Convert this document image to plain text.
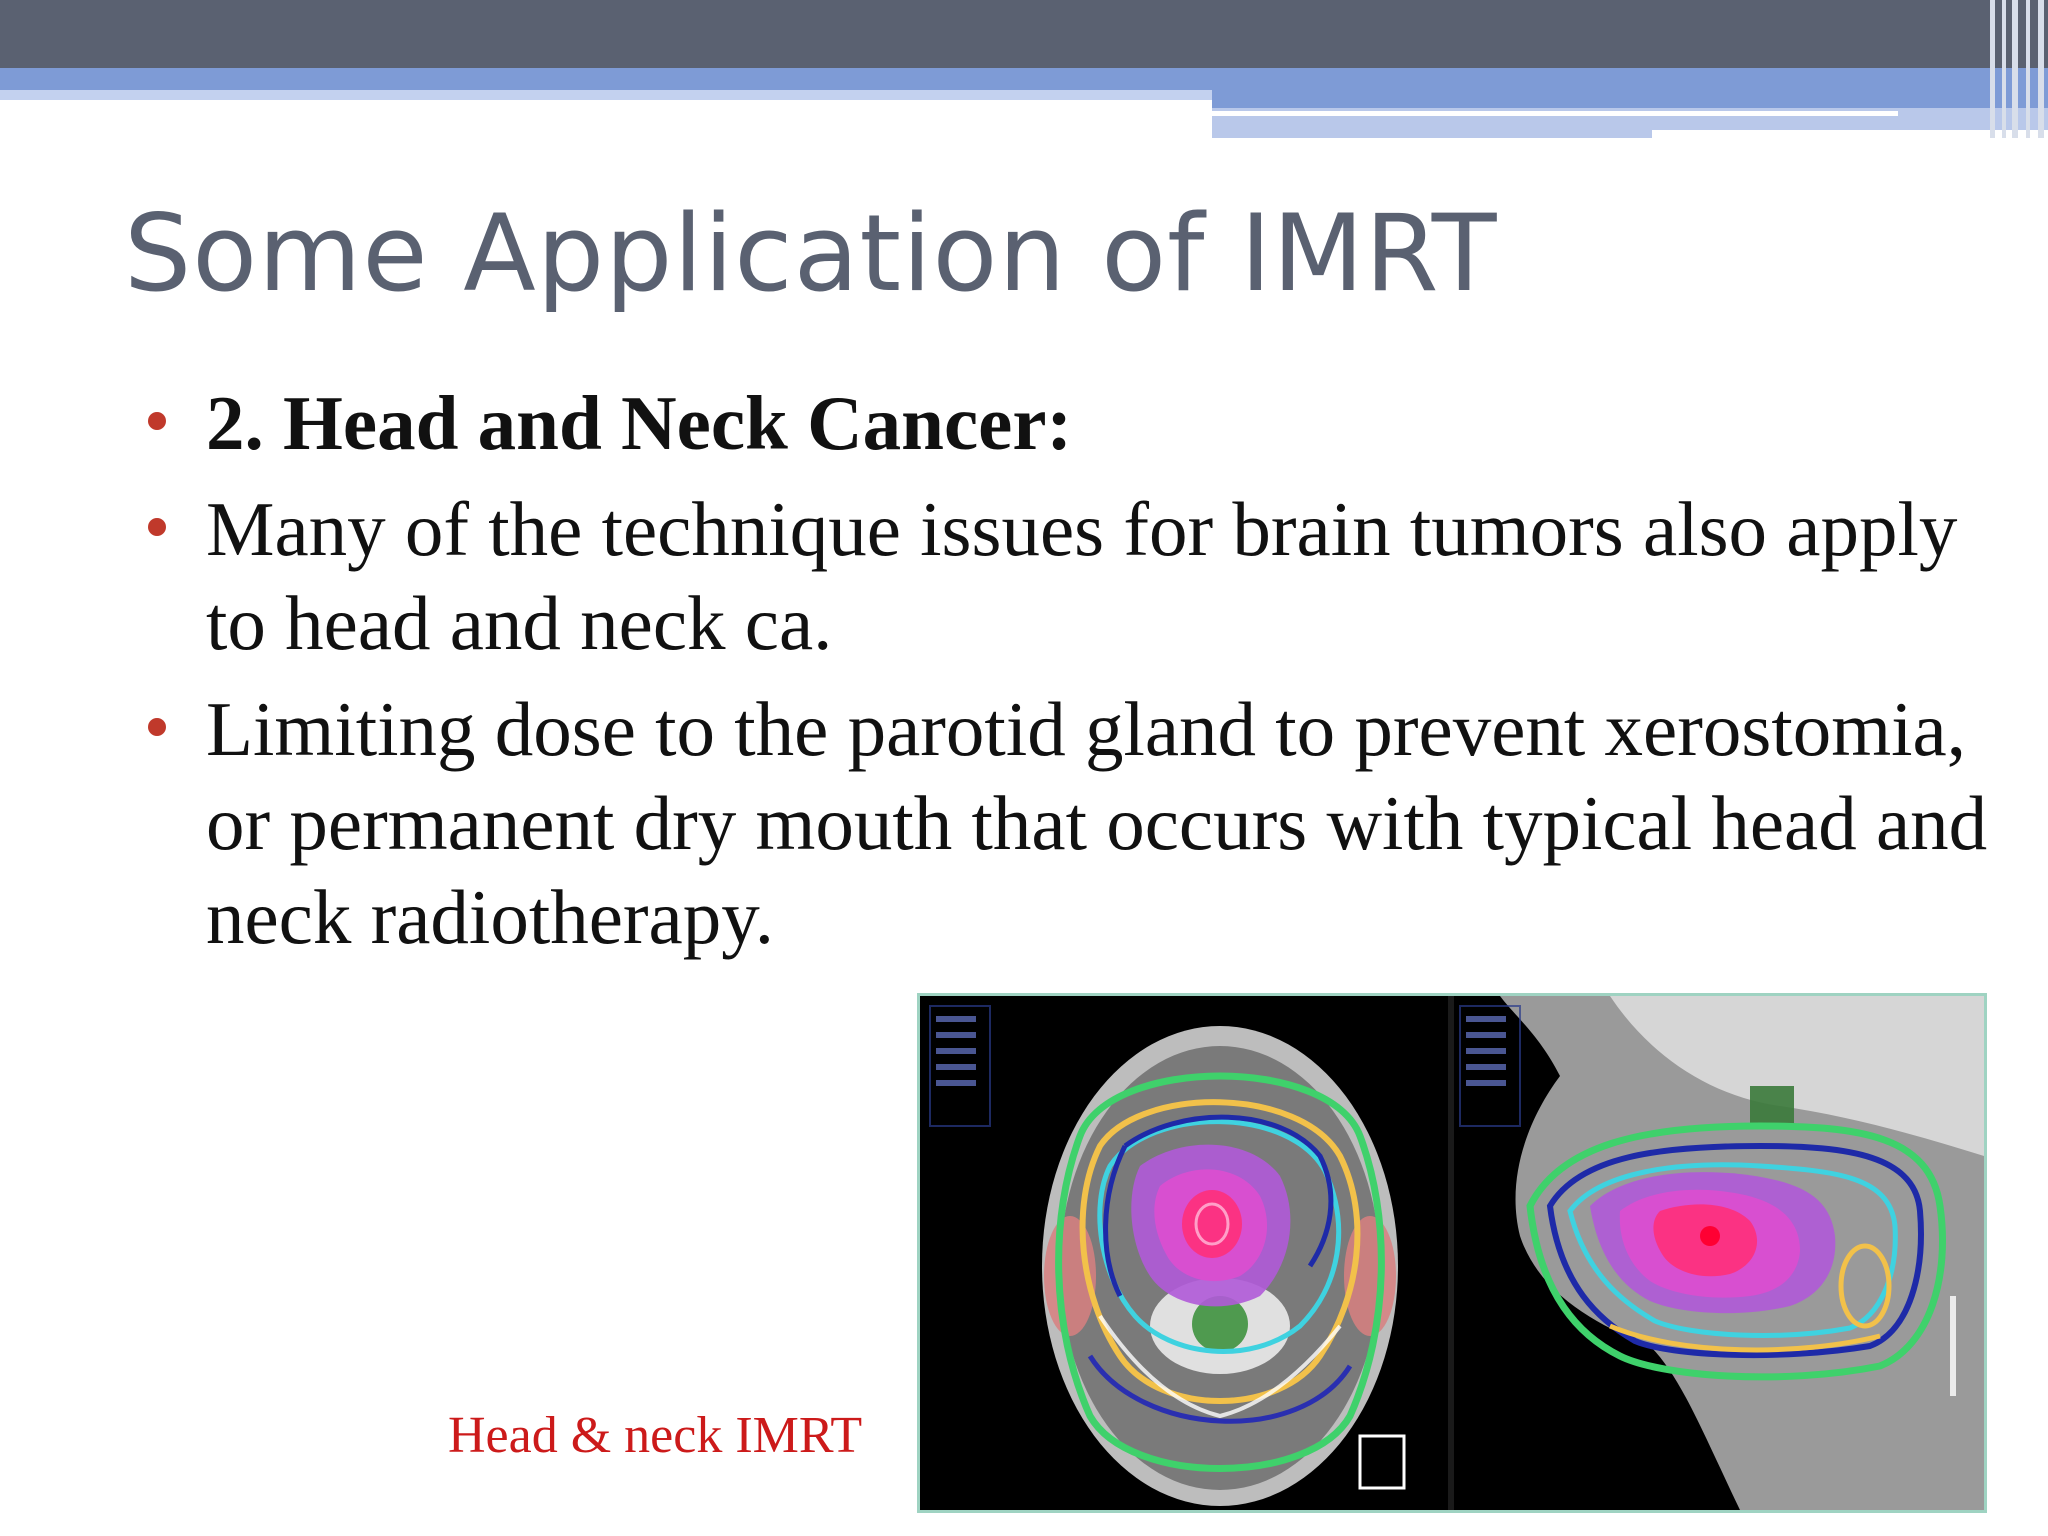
Some Application of IMRT
2. Head and Neck Cancer:
Many of the technique issues for brain tumors also apply to head and neck ca.
Limiting dose to the parotid gland to prevent xerostomia, or permanent dry mouth that occurs with typical head and neck radiotherapy.
Head & neck IMRT
